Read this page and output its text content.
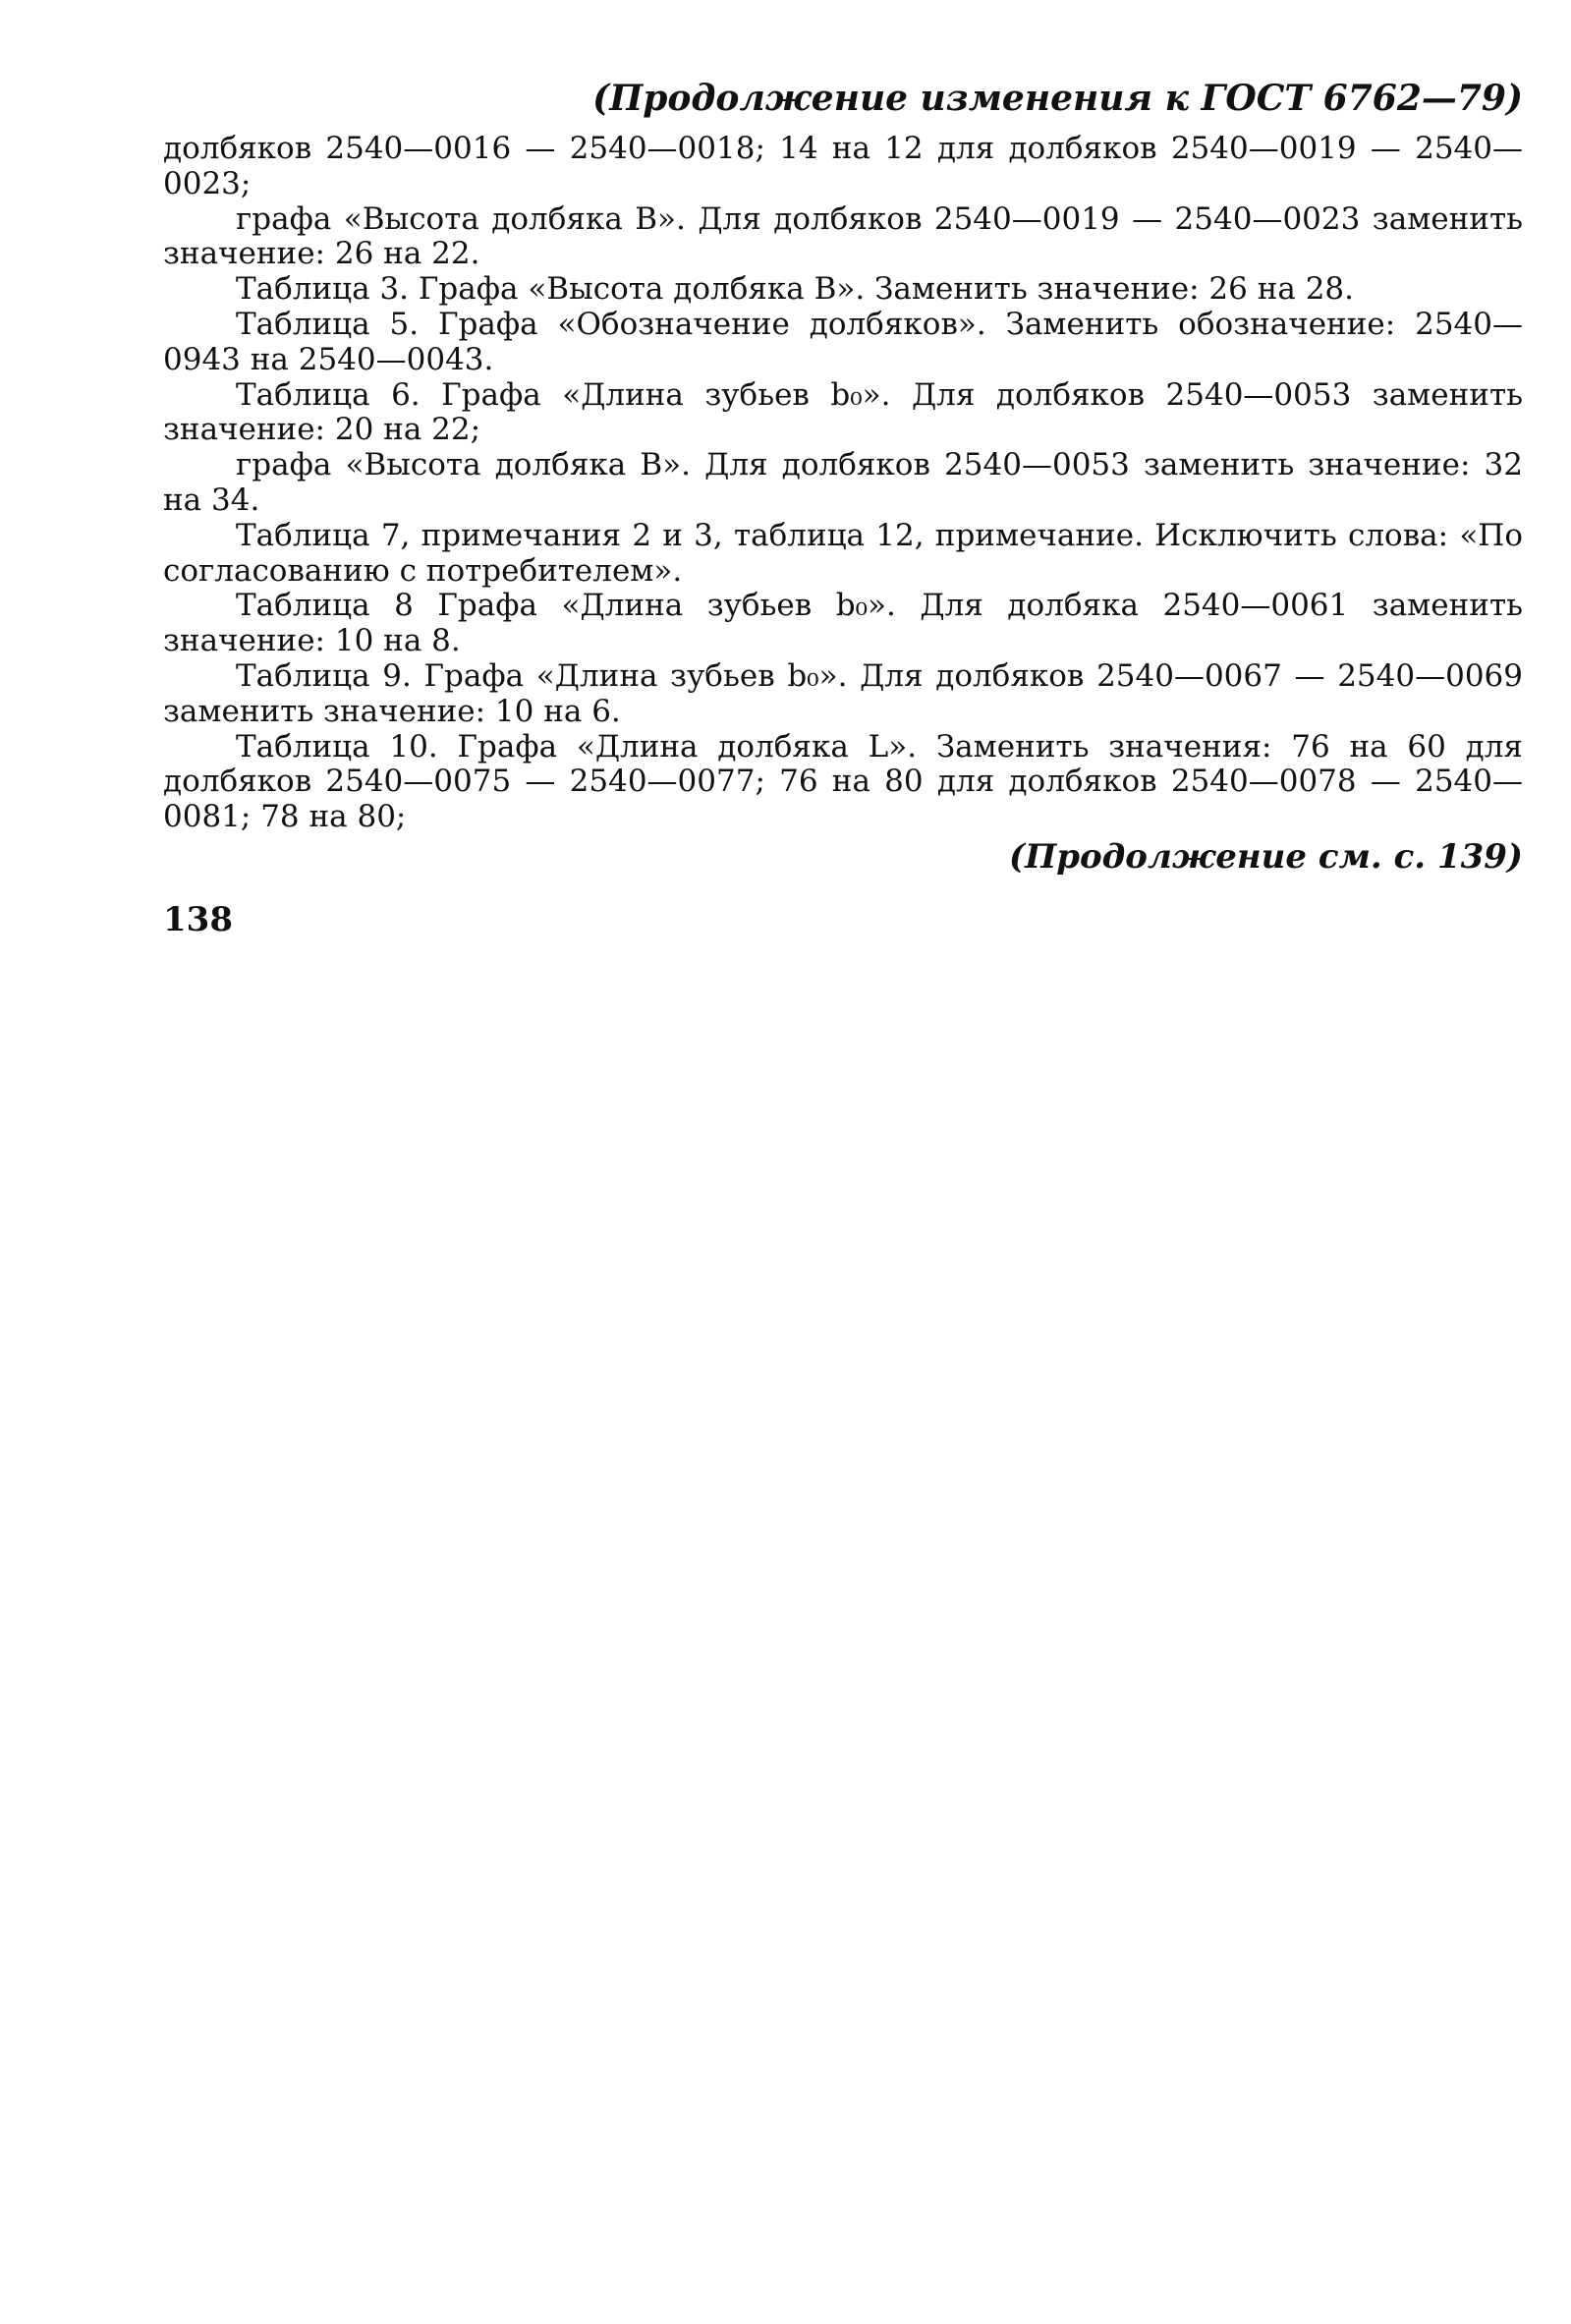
(Продолжение изменения к ГОСТ 6762—79)

долбяков 2540—0016 — 2540—0018; 14 на 12 для долбяков 2540—0019 — 2540—0023;

графа «Высота долбяка B». Для долбяков 2540—0019 — 2540—0023 заменить значение: 26 на 22.

Таблица 3. Графа «Высота долбяка B». Заменить значение: 26 на 28.

Таблица 5. Графа «Обозначение долбяков». Заменить обозначение: 2540—0943 на 2540—0043.

Таблица 6. Графа «Длина зубьев b₀». Для долбяков 2540—0053 заменить значение: 20 на 22;

графа «Высота долбяка B». Для долбяков 2540—0053 заменить значение: 32 на 34.

Таблица 7, примечания 2 и 3, таблица 12, примечание. Исключить слова: «По согласованию с потребителем».

Таблица 8 Графа «Длина зубьев b₀». Для долбяка 2540—0061 заменить значение: 10 на 8.

Таблица 9. Графа «Длина зубьев b₀». Для долбяков 2540—0067 — 2540—0069 заменить значение: 10 на 6.

Таблица 10. Графа «Длина долбяка L». Заменить значения: 76 на 60 для долбяков 2540—0075 — 2540—0077; 76 на 80 для долбяков 2540—0078 — 2540—0081; 78 на 80;

(Продолжение см. с. 139)
138
